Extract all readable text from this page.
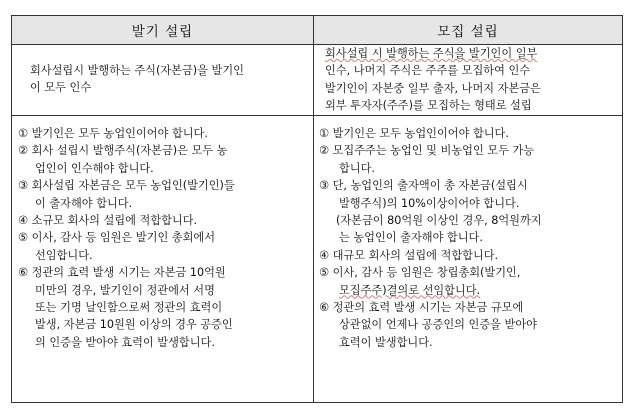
발기 설립	모집 설립
회사설립시 발행하는 주식(자본금)을 발기인
이 모두 인수
회사설립 시 발행하는 주식을 발기인이 일부
인수, 나머지 주식은 주주를 모집하여 인수
발기인이 자본중 일부 출자, 나머지 자본금은
외부 투자자(주주)를 모집하는 형태로 설립
① 발기인은 모두 농업인이어야 합니다.
② 회사 설립시 발행주식(자본금)은 모두 농
업인이 인수해야 합니다.
③ 회사설립 자본금은 모두 농업인(발기인)들
이 출자해야 합니다.
④ 소규모 회사의 설립에 적합합니다.
⑤ 이사, 감사 등 임원은 발기인 총회에서
선임합니다.
⑥ 정관의 효력 발생 시기는 자본금 10억원
미만의 경우, 발기인이 정관에서 서명
또는 기명 날인함으로써 정관의 효력이
발생, 자본금 10원원 이상의 경우 공증인
의 인증을 받아야 효력이 발생합니다.
① 발기인은 모두 농업인이어야 합니다.
② 모집주주는 농업인 및 비농업인 모두 가능
합니다.
③ 단, 농업인의 출자액이 총 자본금(설립시
발행주식)의 10%이상이어야 합니다.
(자본금이 80억원 이상인 경우, 8억원까지
는 농업인이 출자해야 합니다.
④ 대규모 회사의 설립에 적합합니다.
⑤ 이사, 감사 등 임원은 창립총회(발기인,
모집주주)결의로 선임합니다.
⑥ 정관의 효력 발생 시기는 자본금 규모에
상관없이 언제나 공증인의 인증을 받아야
효력이 발생합니다.
